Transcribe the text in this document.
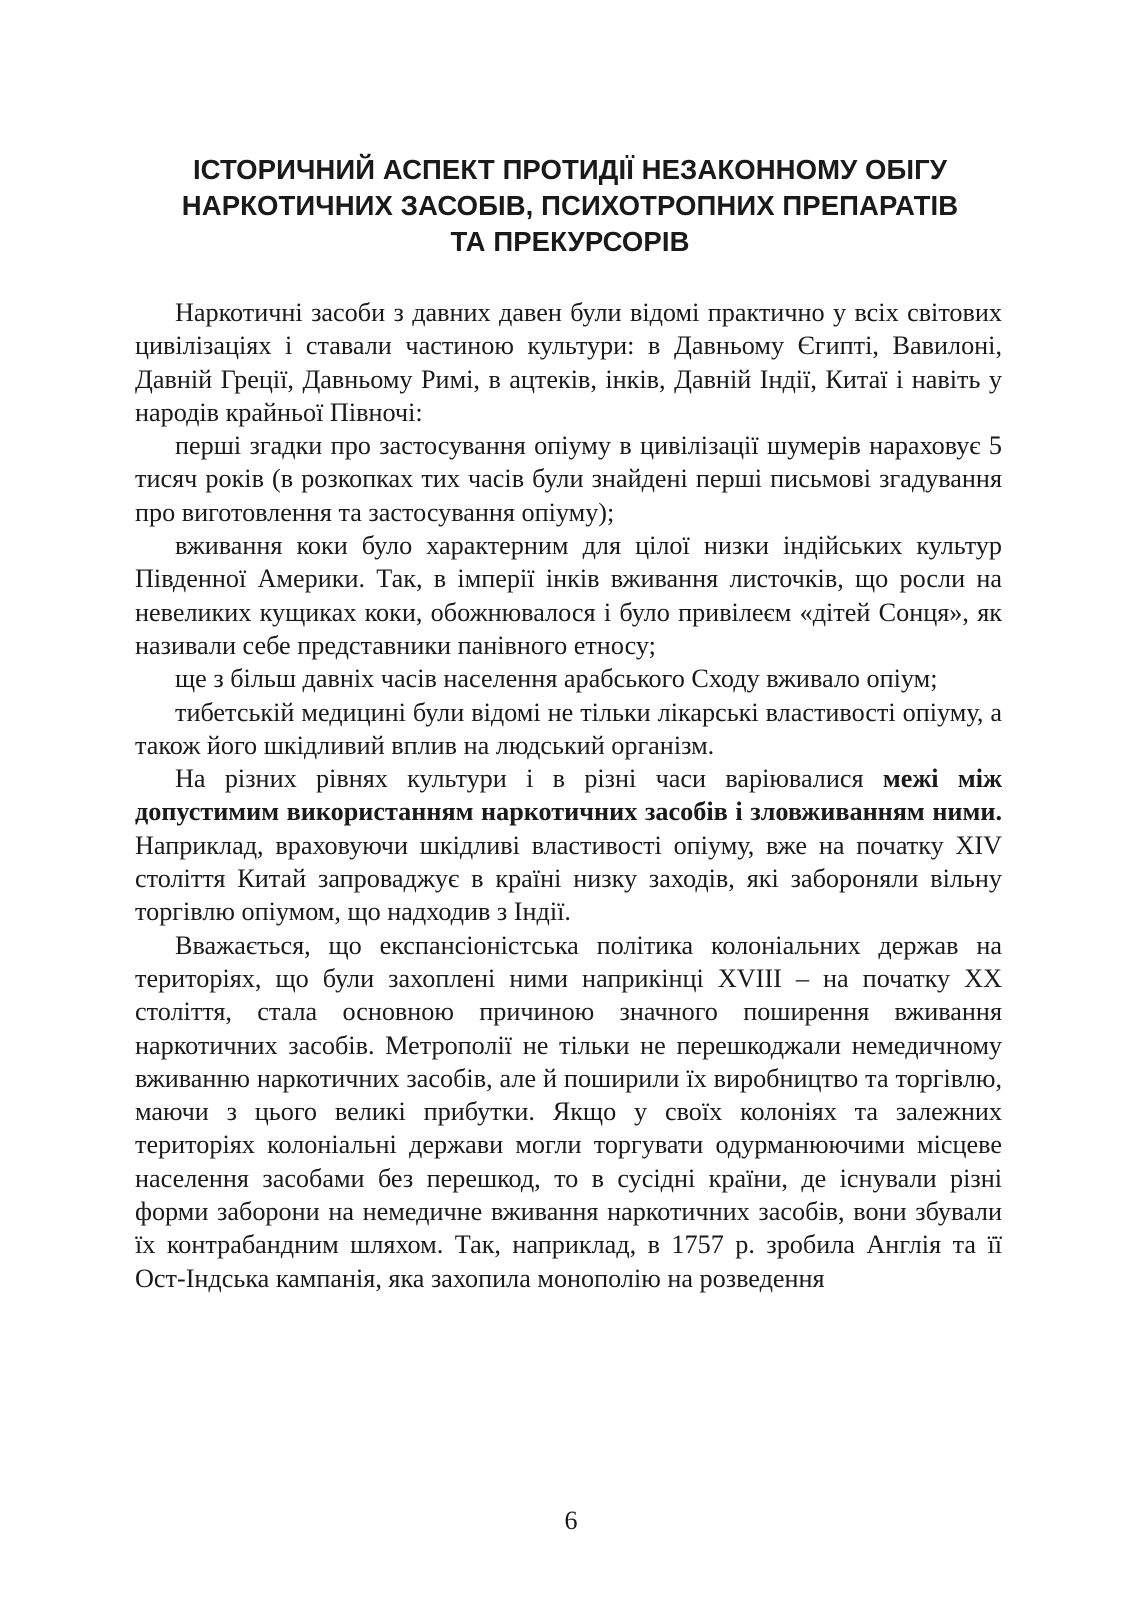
ІСТОРИЧНИЙ АСПЕКТ ПРОТИДІЇ НЕЗАКОННОМУ ОБІГУ
НАРКОТИЧНИХ ЗАСОБІВ, ПСИХОТРОПНИХ ПРЕПАРАТІВ
ТА ПРЕКУРСОРІВ

Наркотичні засоби з давних давен були відомі практично у всіх світових цивілізаціях і ставали частиною культури: в Давньому Єгипті, Вавилоні, Давній Греції, Давньому Римі, в ацтеків, інків, Давній Індії, Китаї і навіть у народів крайньої Півночі:

перші згадки про застосування опіуму в цивілізації шумерів нараховує 5 тисяч років (в розкопках тих часів були знайдені перші письмові згадування про виготовлення та застосування опіуму);

вживання коки було характерним для цілої низки індійських культур Південної Америки. Так, в імперії інків вживання листочків, що росли на невеликих кущиках коки, обожнювалося і було привілеєм «дітей Сонця», як називали себе представники панівного етносу;

ще з більш давніх часів населення арабського Сходу вживало опіум;

тибетській медицині були відомі не тільки лікарські властивості опіуму, а також його шкідливий вплив на людський організм.

На різних рівнях культури і в різні часи варіювалися межі між допустимим використанням наркотичних засобів і зловживанням ними. Наприклад, враховуючи шкідливі властивості опіуму, вже на початку XIV століття Китай запроваджує в країні низку заходів, які забороняли вільну торгівлю опіумом, що надходив з Індії.

Вважається, що експансіоністська політика колоніальних держав на територіях, що були захоплені ними наприкінці XVIII – на початку XX століття, стала основною причиною значного поширення вживання наркотичних засобів. Метрополії не тільки не перешкоджали немедичному вживанню наркотичних засобів, але й поширили їх виробництво та торгівлю, маючи з цього великі прибутки. Якщо у своїх колоніях та залежних територіях колоніальні держави могли торгувати одурманюючими місцеве населення засобами без перешкод, то в сусідні країни, де існували різні форми заборони на немедичне вживання наркотичних засобів, вони збували їх контрабандним шляхом. Так, наприклад, в 1757 р. зробила Англія та її Ост-Індська кампанія, яка захопила монополію на розведення

6
